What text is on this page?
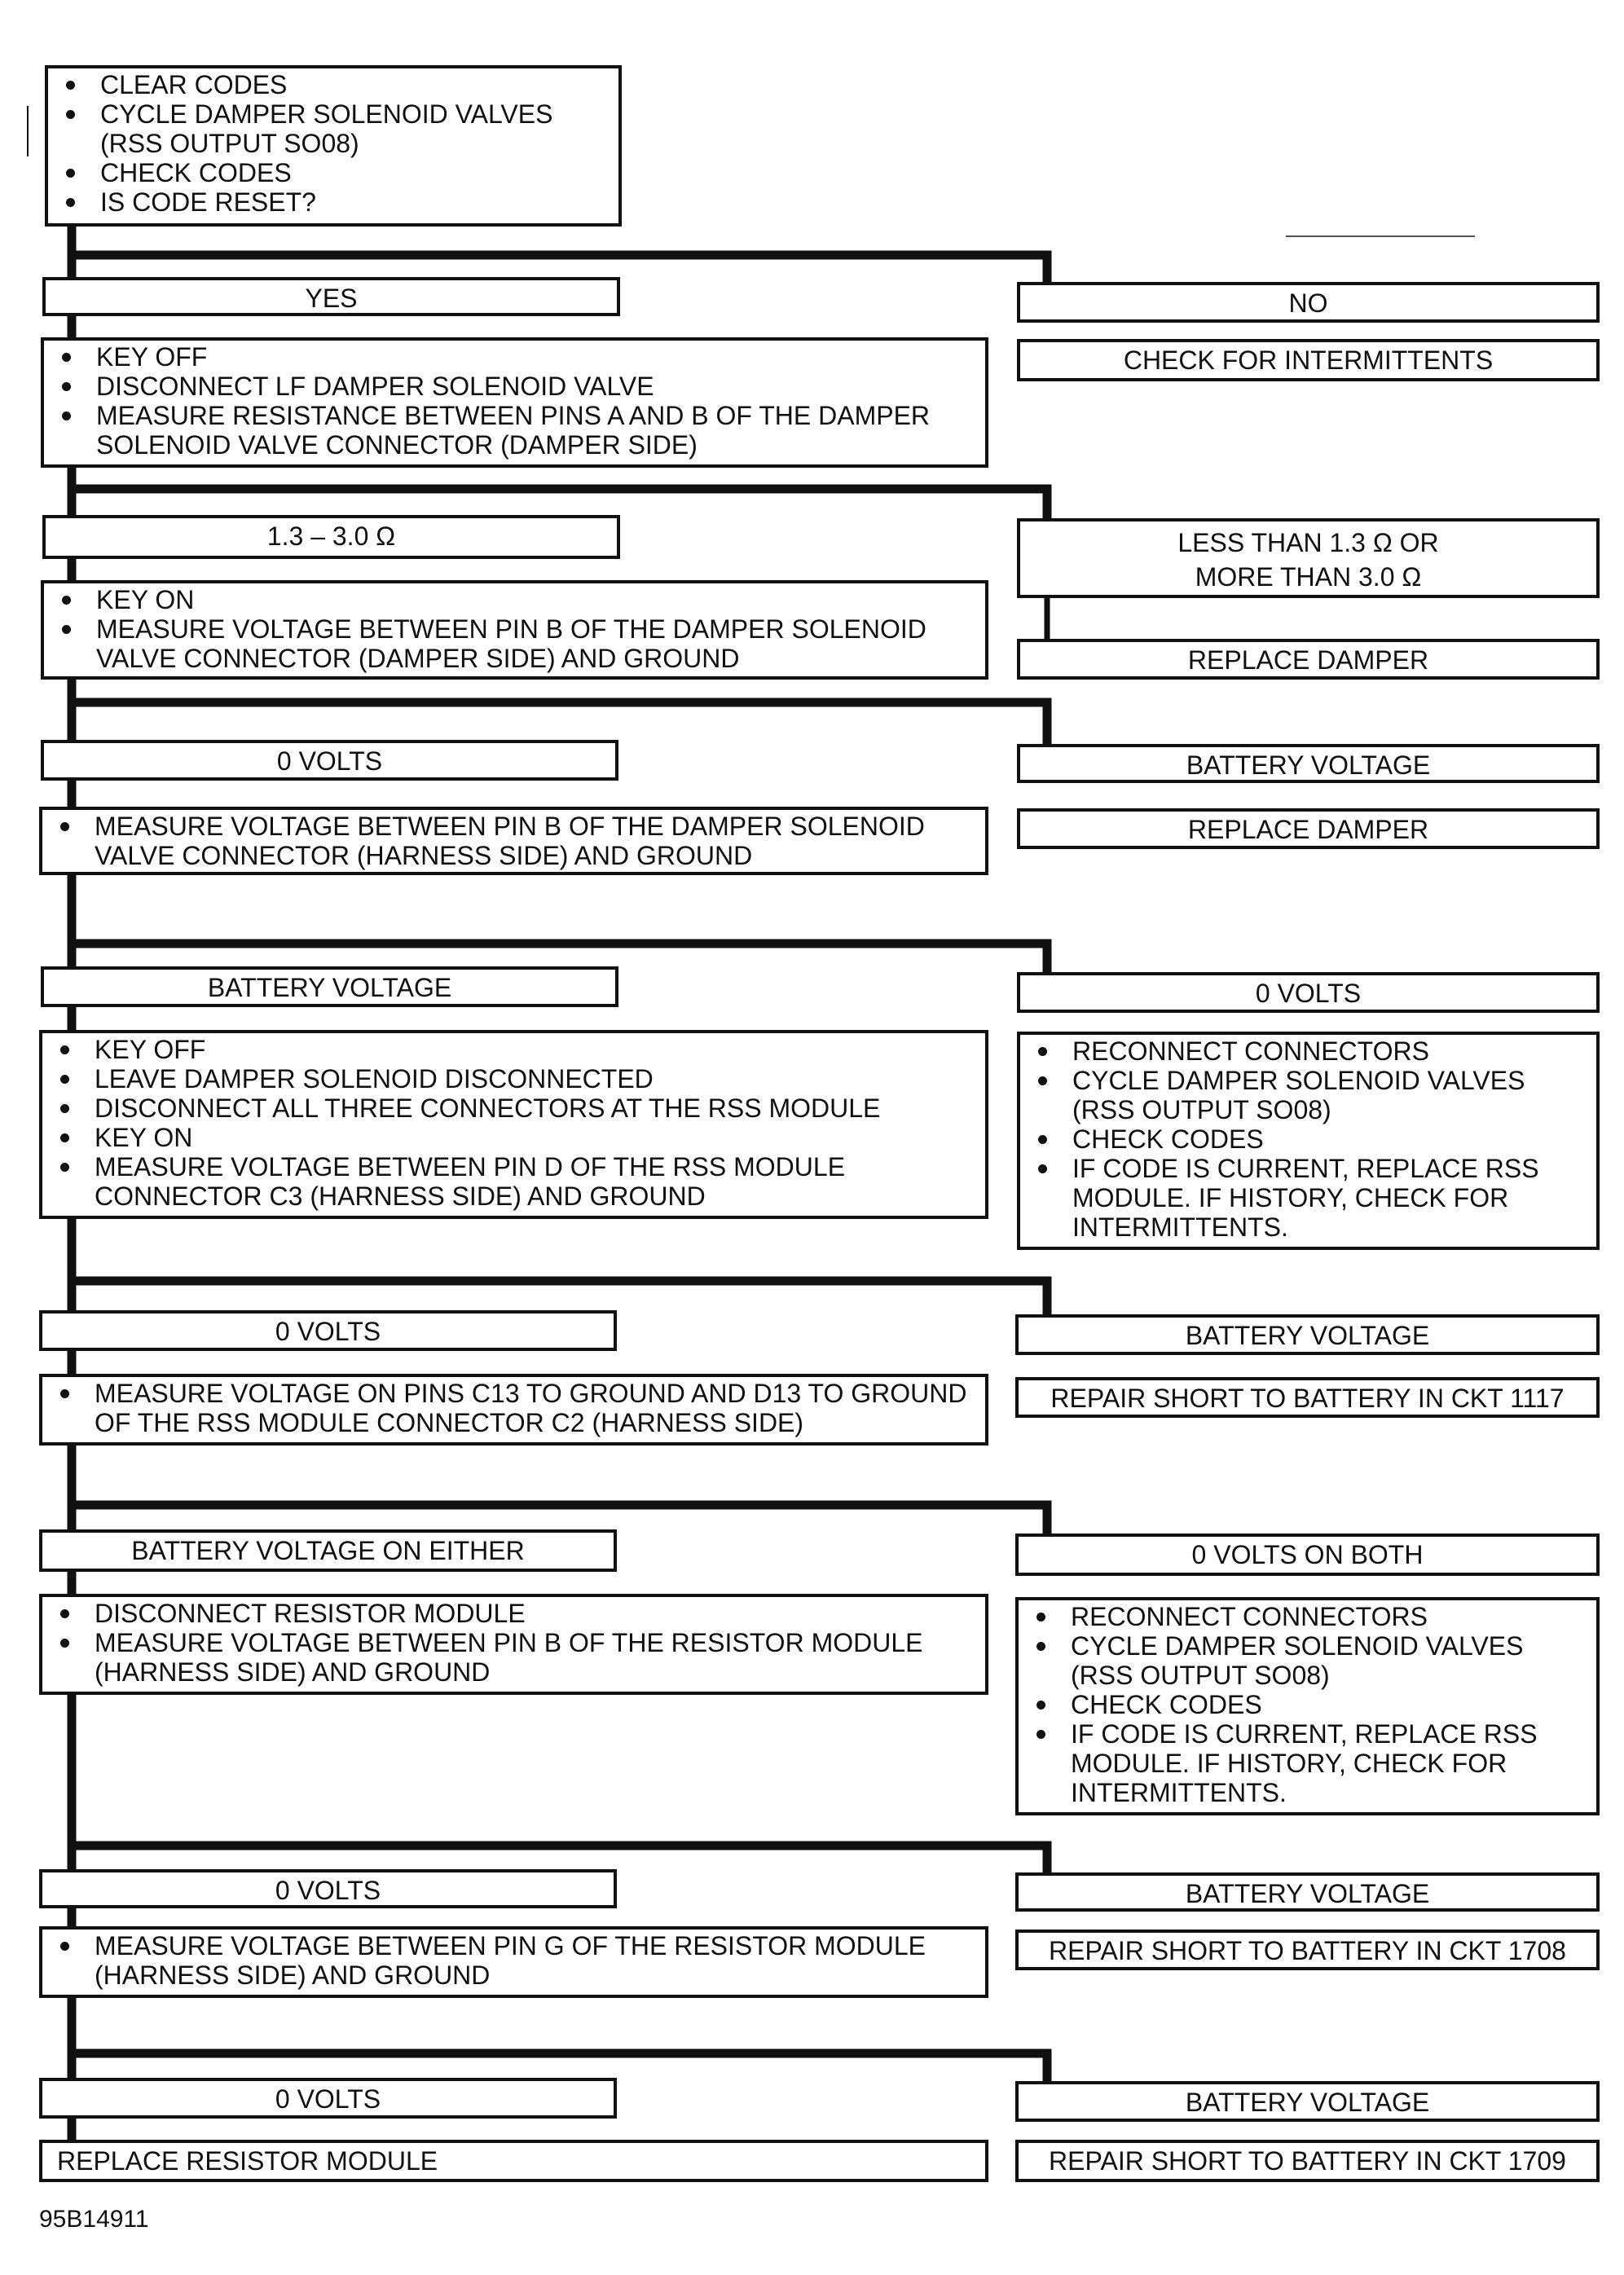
CLEAR CODES
CYCLE DAMPER SOLENOID VALVES
(RSS OUTPUT SO08)
CHECK CODES
IS CODE RESET?
YES	NO
CHECK FOR INTERMITTENTS
KEY OFF
DISCONNECT LF DAMPER SOLENOID VALVE
MEASURE RESISTANCE BETWEEN PINS A AND B OF THE DAMPER
SOLENOID VALVE CONNECTOR (DAMPER SIDE)
1.3 – 3.0 Ω	LESS THAN 1.3 Ω OR
MORE THAN 3.0 Ω
REPLACE DAMPER
KEY ON
MEASURE VOLTAGE BETWEEN PIN B OF THE DAMPER SOLENOID
VALVE CONNECTOR (DAMPER SIDE) AND GROUND
0 VOLTS	BATTERY VOLTAGE
MEASURE VOLTAGE BETWEEN PIN B OF THE DAMPER SOLENOID
VALVE CONNECTOR (HARNESS SIDE) AND GROUND
REPLACE DAMPER
BATTERY VOLTAGE	0 VOLTS
KEY OFF
LEAVE DAMPER SOLENOID DISCONNECTED
DISCONNECT ALL THREE CONNECTORS AT THE RSS MODULE
KEY ON
MEASURE VOLTAGE BETWEEN PIN D OF THE RSS MODULE
CONNECTOR C3 (HARNESS SIDE) AND GROUND
RECONNECT CONNECTORS
CYCLE DAMPER SOLENOID VALVES
(RSS OUTPUT SO08)
CHECK CODES
IF CODE IS CURRENT, REPLACE RSS
MODULE. IF HISTORY, CHECK FOR
INTERMITTENTS.
0 VOLTS	BATTERY VOLTAGE
MEASURE VOLTAGE ON PINS C13 TO GROUND AND D13 TO GROUND
OF THE RSS MODULE CONNECTOR C2 (HARNESS SIDE)
REPAIR SHORT TO BATTERY IN CKT 1117
BATTERY VOLTAGE ON EITHER	0 VOLTS ON BOTH
DISCONNECT RESISTOR MODULE
MEASURE VOLTAGE BETWEEN PIN B OF THE RESISTOR MODULE
(HARNESS SIDE) AND GROUND
RECONNECT CONNECTORS
CYCLE DAMPER SOLENOID VALVES
(RSS OUTPUT SO08)
CHECK CODES
IF CODE IS CURRENT, REPLACE RSS
MODULE. IF HISTORY, CHECK FOR
INTERMITTENTS.
0 VOLTS	BATTERY VOLTAGE
MEASURE VOLTAGE BETWEEN PIN G OF THE RESISTOR MODULE
(HARNESS SIDE) AND GROUND
REPAIR SHORT TO BATTERY IN CKT 1708
0 VOLTS	BATTERY VOLTAGE
REPLACE RESISTOR MODULE	REPAIR SHORT TO BATTERY IN CKT 1709
95B14911
